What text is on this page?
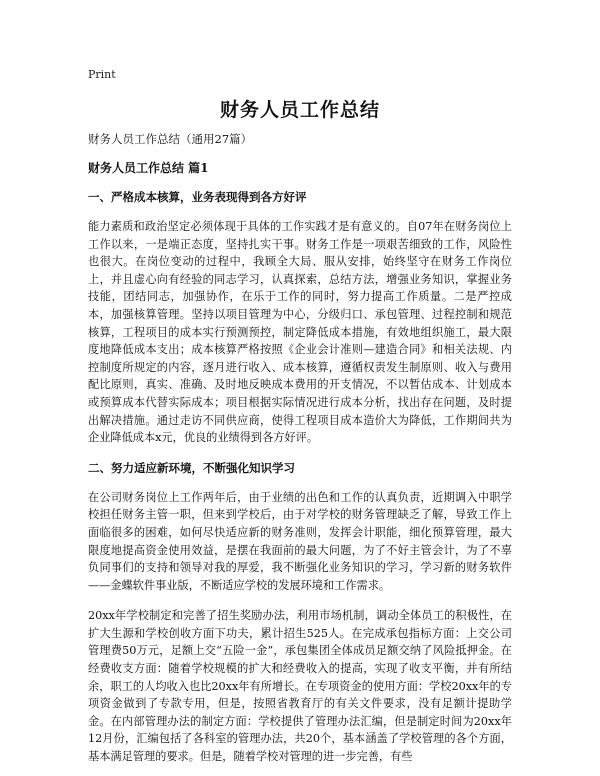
Print
财务人员工作总结

财务人员工作总结（通用27篇）

财务人员工作总结 篇1

一、严格成本核算，业务表现得到各方好评

能力素质和政治坚定必须体现于具体的工作实践才是有意义的。自07年在财务岗位上工作以来，一是端正态度，坚持扎实干事。财务工作是一项艰苦细致的工作，风险性也很大。在岗位变动的过程中，我顾全大局、服从安排，始终坚守在财务工作岗位上，并且虚心向有经验的同志学习，认真探索，总结方法，增强业务知识，掌握业务技能，团结同志，加强协作，在乐于工作的同时，努力提高工作质量。二是严控成本，加强核算管理。坚持以项目管理为中心，分级归口、承包管理、过程控制和规范核算，工程项目的成本实行预测预控，制定降低成本措施，有效地组织施工，最大限度地降低成本支出；成本核算严格按照《企业会计准则—建造合同》和相关法规、内控制度所规定的内容，逐月进行收入、成本核算，遵循权责发生制原则、收入与费用配比原则，真实、准确、及时地反映成本费用的开支情况，不以暂估成本、计划成本或预算成本代替实际成本；项目根据实际情况进行成本分析，找出存在问题，及时提出解决措施。通过走访不同供应商，使得工程项目成本造价大为降低，工作期间共为企业降低成本x元，优良的业绩得到各方好评。

二、努力适应新环境，不断强化知识学习

在公司财务岗位上工作两年后，由于业绩的出色和工作的认真负责，近期调入中职学校担任财务主管一职，但来到学校后，由于对学校的财务管理缺乏了解，导致工作上面临很多的困难，如何尽快适应新的财务准则，发挥会计职能，细化预算管理，最大限度地提高资金使用效益，是摆在我面前的最大问题，为了不好主管会计，为了不辜负同事们的支持和领导对我的厚爱，我不断强化业务知识的学习，学习新的财务软件——金蝶软件事业版，不断适应学校的发展环境和工作需求。

20xx年学校制定和完善了招生奖励办法，利用市场机制，调动全体员工的积极性，在扩大生源和学校创收方面下功夫，累计招生525人。在完成承包指标方面：上交公司管理费50万元，足额上交“五险一金”，承包集团全体成员足额交纳了风险抵押金。在经费收支方面：随着学校规模的扩大和经费收入的提高，实现了收支平衡，并有所结余，职工的人均收入也比20xx年有所增长。在专项资金的使用方面：学校20xx年的专项资金做到了专款专用，但是，按照省教育厅的有关文件要求，没有足额计提助学金。在内部管理办法的制定方面：学校提供了管理办法汇编，但是制定时间为20xx年12月份，汇编包括了各科室的管理办法，共20个，基本涵盖了学校管理的各个方面，基本满足管理的要求。但是，随着学校对管理的进一步完善，有些
